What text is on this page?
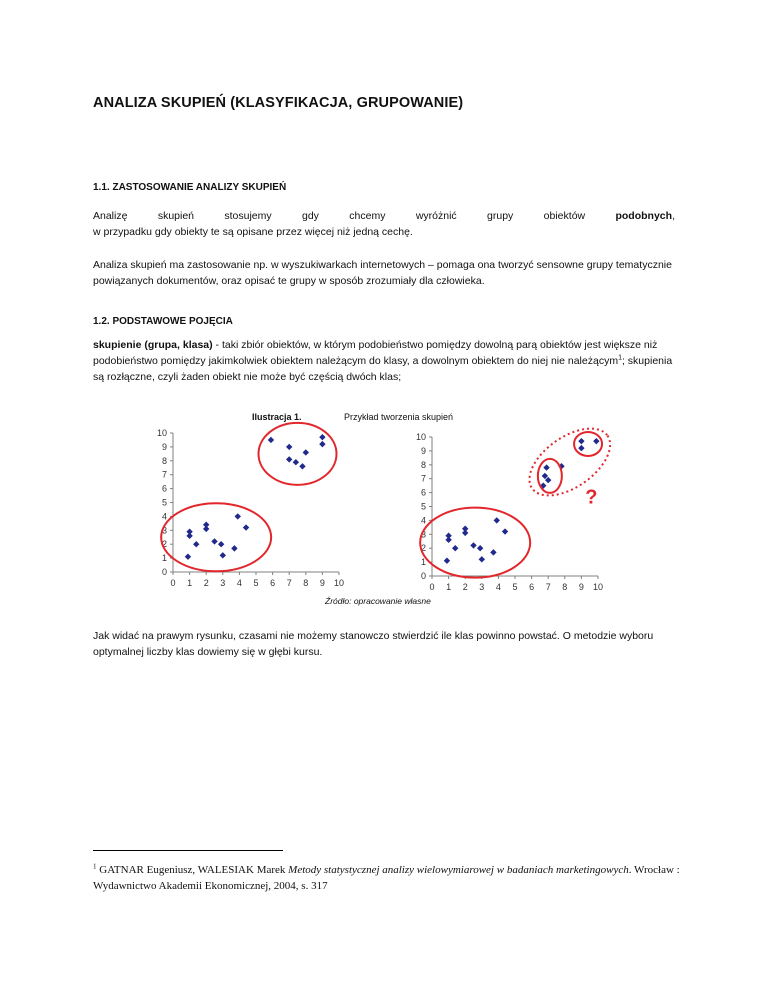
ANALIZA SKUPIEŃ (KLASYFIKACJA, GRUPOWANIE)
1.1. ZASTOSOWANIE ANALIZY SKUPIEŃ
Analizę	skupień	stosujemy	gdy	chcemy	wyróżnić	grupy	obiektów	podobnych,
w przypadku gdy obiekty te są opisane przez więcej niż jedną cechę.
Analiza skupień ma zastosowanie np. w wyszukiwarkach internetowych – pomaga ona tworzyć sensowne grupy tematycznie powiązanych dokumentów, oraz opisać te grupy w sposób zrozumiały dla człowieka.
1.2. PODSTAWOWE POJĘCIA
skupienie (grupa, klasa) - taki zbiór obiektów, w którym podobieństwo pomiędzy dowolną parą obiektów jest większe niż podobieństwo pomiędzy jakimkolwiek obiektem należącym do klasy, a dowolnym obiektem do niej nie należącym$^1$; skupienia są rozłączne, czyli żaden obiekt nie może być częścią dwóch klas;
Ilustracja 1.	Przykład tworzenia skupień
0
1
2
3
4
5
6
7
8
9
10
0 1 2 3 4 5 6 7 8 9 10
0
1
2
3
4
5
6
7
8
9
10
0 1 2 3 4 5 6 7 8 9 10
?
Źródło: opracowanie własne
Jak widać na prawym rysunku, czasami nie możemy stanowczo stwierdzić ile klas powinno powstać. O metodzie wyboru optymalnej liczby klas dowiemy się w głębi kursu.
$^1$ GATNAR Eugeniusz, WALESIAK Marek Metody statystycznej analizy wielowymiarowej w badaniach marketingowych. Wrocław : Wydawnictwo Akademii Ekonomicznej, 2004, s. 317
